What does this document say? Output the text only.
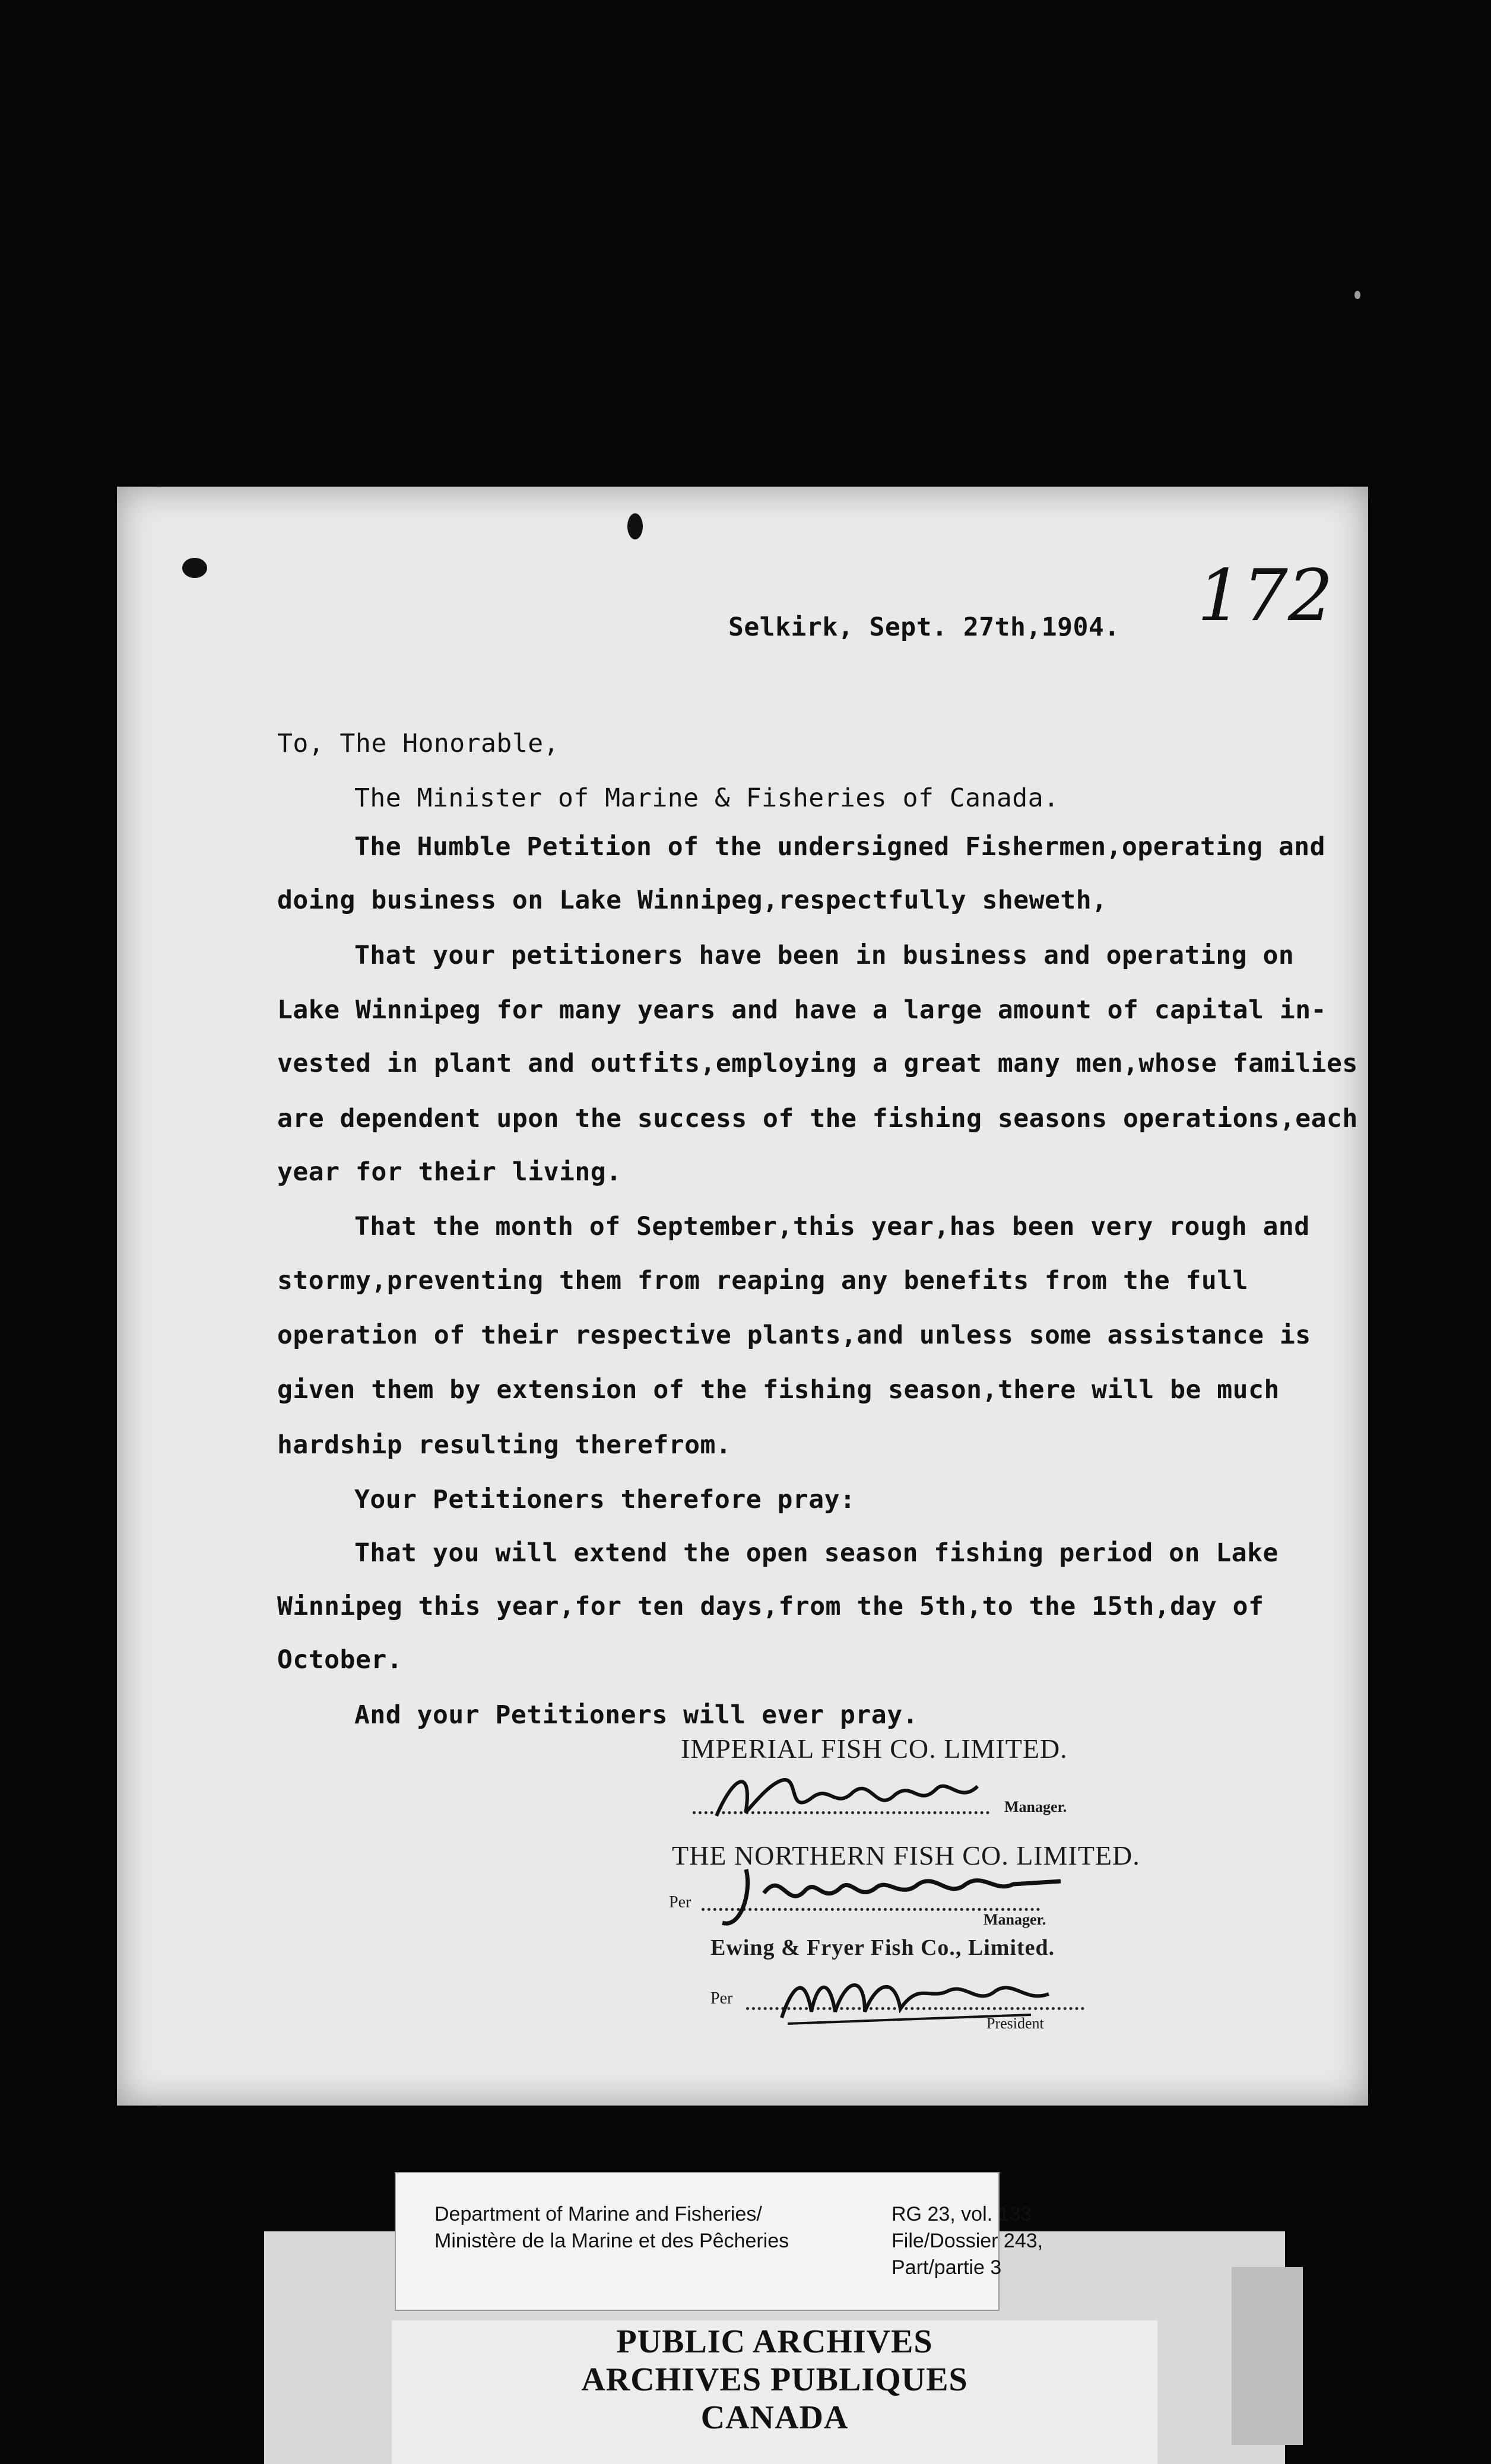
172
Selkirk, Sept. 27th,1904.
To, The Honorable,
The Minister of Marine & Fisheries of Canada.
The Humble Petition of the undersigned Fishermen,operating and
doing business on Lake Winnipeg,respectfully sheweth,
That your petitioners have been in business and operating on
Lake Winnipeg for many years and have a large amount of capital in-
vested in plant and outfits,employing a great many men,whose families
are dependent upon the success of the fishing seasons operations,each
year for their living.
That the month of September,this year,has been very rough and
stormy,preventing them from reaping any benefits from the full
operation of their respective plants,and unless some assistance is
given them by extension of the fishing season,there will be much
hardship resulting therefrom.
Your Petitioners therefore pray:
That you will extend the open season fishing period on Lake
Winnipeg this year,for ten days,from the 5th,to the 15th,day of
October.
And your Petitioners will ever pray.
IMPERIAL FISH CO. LIMITED.
Manager.
THE NORTHERN FISH CO. LIMITED.
Per
Manager.
Ewing & Fryer Fish Co., Limited.
Per
President
PUBLIC ARCHIVES
ARCHIVES PUBLIQUES
CANADA
Department of Marine and Fisheries/
Ministère de la Marine et des Pêcheries
RG 23, vol. 133
File/Dossier 243,
Part/partie 3
